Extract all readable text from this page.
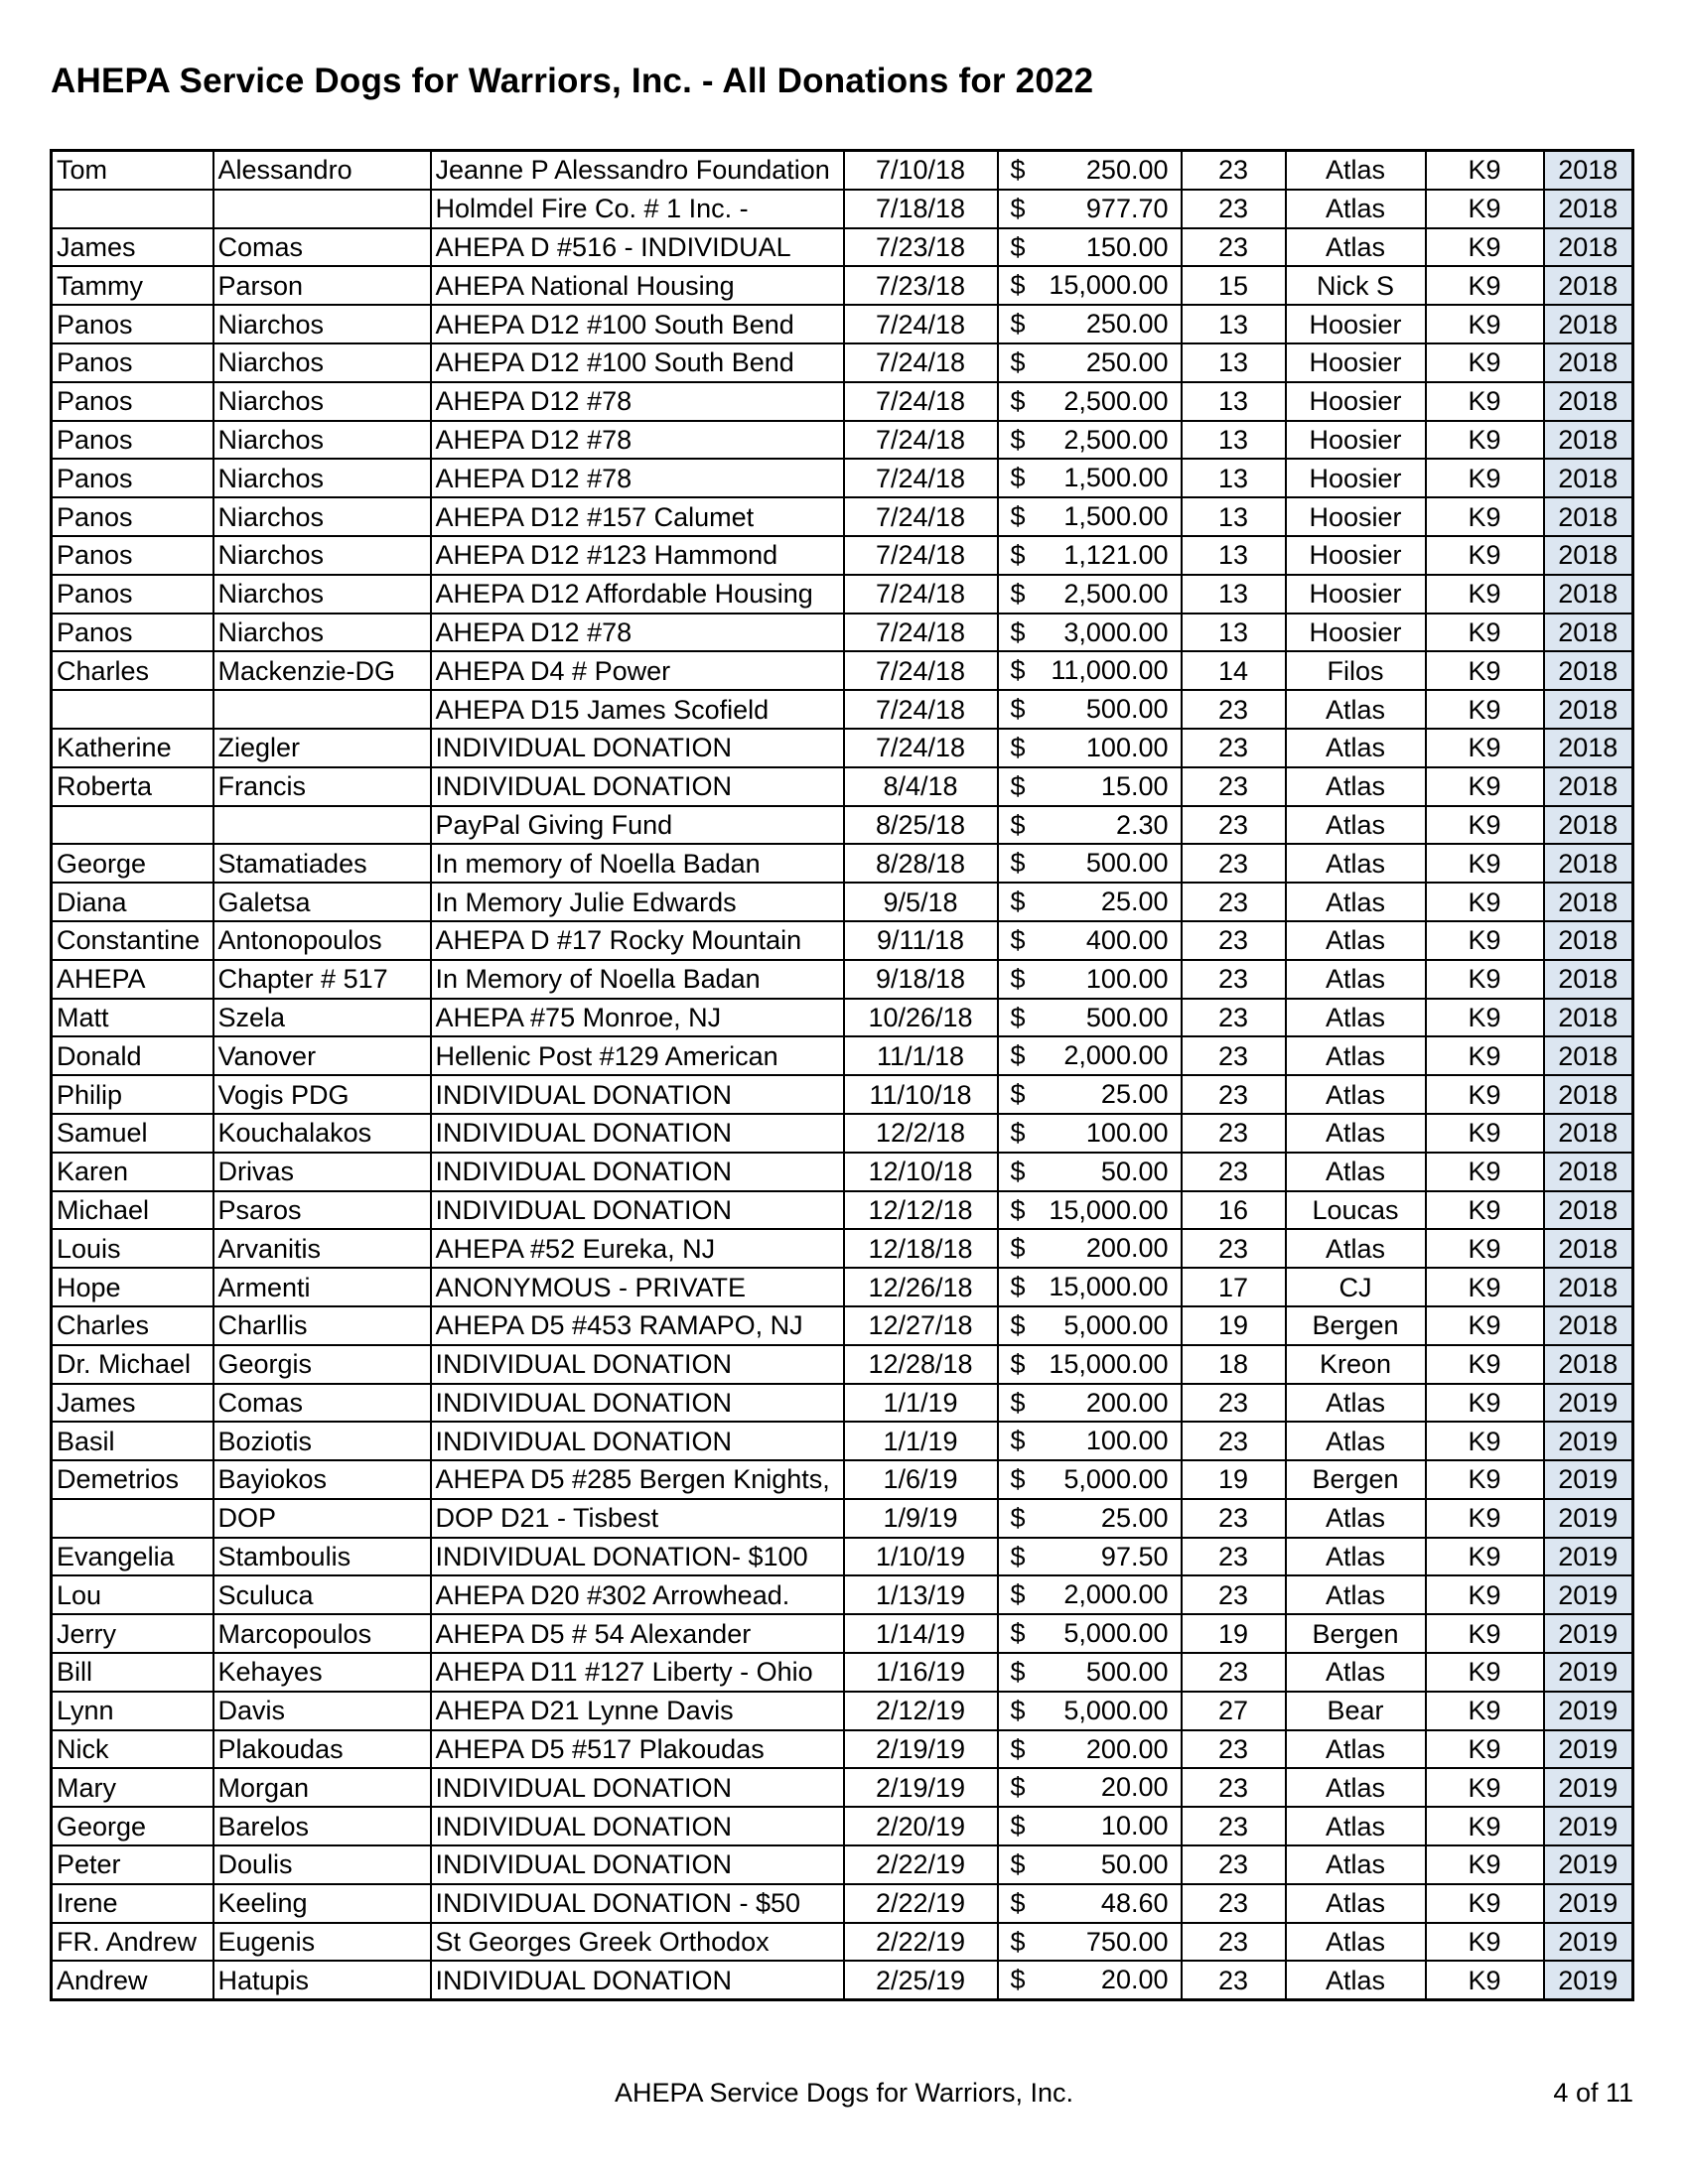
AHEPA Service Dogs for Warriors, Inc. - All Donations for 2022
Tom	Alessandro	Jeanne P Alessandro Foundation	7/10/18	$ 250.00	23	Atlas	K9	2018
		Holmdel Fire Co. # 1 Inc. -	7/18/18	$ 977.70	23	Atlas	K9	2018
James	Comas	AHEPA D #516 - INDIVIDUAL	7/23/18	$ 150.00	23	Atlas	K9	2018
Tammy	Parson	AHEPA National Housing	7/23/18	$ 15,000.00	15	Nick S	K9	2018
Panos	Niarchos	AHEPA D12 #100 South Bend	7/24/18	$ 250.00	13	Hoosier	K9	2018
Panos	Niarchos	AHEPA D12 #100 South Bend	7/24/18	$ 250.00	13	Hoosier	K9	2018
Panos	Niarchos	AHEPA D12 #78	7/24/18	$ 2,500.00	13	Hoosier	K9	2018
Panos	Niarchos	AHEPA D12 #78	7/24/18	$ 2,500.00	13	Hoosier	K9	2018
Panos	Niarchos	AHEPA D12 #78	7/24/18	$ 1,500.00	13	Hoosier	K9	2018
Panos	Niarchos	AHEPA D12 #157 Calumet	7/24/18	$ 1,500.00	13	Hoosier	K9	2018
Panos	Niarchos	AHEPA D12 #123 Hammond	7/24/18	$ 1,121.00	13	Hoosier	K9	2018
Panos	Niarchos	AHEPA D12 Affordable Housing	7/24/18	$ 2,500.00	13	Hoosier	K9	2018
Panos	Niarchos	AHEPA D12 #78	7/24/18	$ 3,000.00	13	Hoosier	K9	2018
Charles	Mackenzie-DG	AHEPA D4 # Power	7/24/18	$ 11,000.00	14	Filos	K9	2018
		AHEPA D15 James Scofield	7/24/18	$ 500.00	23	Atlas	K9	2018
Katherine	Ziegler	INDIVIDUAL DONATION	7/24/18	$ 100.00	23	Atlas	K9	2018
Roberta	Francis	INDIVIDUAL DONATION	8/4/18	$ 15.00	23	Atlas	K9	2018
		PayPal Giving Fund	8/25/18	$ 2.30	23	Atlas	K9	2018
George	Stamatiades	In memory of Noella Badan	8/28/18	$ 500.00	23	Atlas	K9	2018
Diana	Galetsa	In Memory Julie Edwards	9/5/18	$ 25.00	23	Atlas	K9	2018
Constantine	Antonopoulos	AHEPA D #17 Rocky Mountain	9/11/18	$ 400.00	23	Atlas	K9	2018
AHEPA	Chapter # 517	In Memory of Noella Badan	9/18/18	$ 100.00	23	Atlas	K9	2018
Matt	Szela	AHEPA #75 Monroe, NJ	10/26/18	$ 500.00	23	Atlas	K9	2018
Donald	Vanover	Hellenic Post #129 American	11/1/18	$ 2,000.00	23	Atlas	K9	2018
Philip	Vogis PDG	INDIVIDUAL DONATION	11/10/18	$ 25.00	23	Atlas	K9	2018
Samuel	Kouchalakos	INDIVIDUAL DONATION	12/2/18	$ 100.00	23	Atlas	K9	2018
Karen	Drivas	INDIVIDUAL DONATION	12/10/18	$ 50.00	23	Atlas	K9	2018
Michael	Psaros	INDIVIDUAL DONATION	12/12/18	$ 15,000.00	16	Loucas	K9	2018
Louis	Arvanitis	AHEPA #52 Eureka, NJ	12/18/18	$ 200.00	23	Atlas	K9	2018
Hope	Armenti	ANONYMOUS - PRIVATE	12/26/18	$ 15,000.00	17	CJ	K9	2018
Charles	Charllis	AHEPA D5 #453 RAMAPO, NJ	12/27/18	$ 5,000.00	19	Bergen	K9	2018
Dr. Michael	Georgis	INDIVIDUAL DONATION	12/28/18	$ 15,000.00	18	Kreon	K9	2018
James	Comas	INDIVIDUAL DONATION	1/1/19	$ 200.00	23	Atlas	K9	2019
Basil	Boziotis	INDIVIDUAL DONATION	1/1/19	$ 100.00	23	Atlas	K9	2019
Demetrios	Bayiokos	AHEPA D5 #285 Bergen Knights,	1/6/19	$ 5,000.00	19	Bergen	K9	2019
	DOP	DOP D21 - Tisbest	1/9/19	$ 25.00	23	Atlas	K9	2019
Evangelia	Stamboulis	INDIVIDUAL DONATION- $100	1/10/19	$ 97.50	23	Atlas	K9	2019
Lou	Sculuca	AHEPA D20 #302 Arrowhead.	1/13/19	$ 2,000.00	23	Atlas	K9	2019
Jerry	Marcopoulos	AHEPA D5 # 54 Alexander	1/14/19	$ 5,000.00	19	Bergen	K9	2019
Bill	Kehayes	AHEPA D11 #127 Liberty - Ohio	1/16/19	$ 500.00	23	Atlas	K9	2019
Lynn	Davis	AHEPA D21 Lynne Davis	2/12/19	$ 5,000.00	27	Bear	K9	2019
Nick	Plakoudas	AHEPA D5 #517 Plakoudas	2/19/19	$ 200.00	23	Atlas	K9	2019
Mary	Morgan	INDIVIDUAL DONATION	2/19/19	$ 20.00	23	Atlas	K9	2019
George	Barelos	INDIVIDUAL DONATION	2/20/19	$ 10.00	23	Atlas	K9	2019
Peter	Doulis	INDIVIDUAL DONATION	2/22/19	$ 50.00	23	Atlas	K9	2019
Irene	Keeling	INDIVIDUAL DONATION - $50	2/22/19	$ 48.60	23	Atlas	K9	2019
FR. Andrew	Eugenis	St Georges Greek Orthodox	2/22/19	$ 750.00	23	Atlas	K9	2019
Andrew	Hatupis	INDIVIDUAL DONATION	2/25/19	$ 20.00	23	Atlas	K9	2019
AHEPA Service Dogs for Warriors, Inc.	4 of 11
